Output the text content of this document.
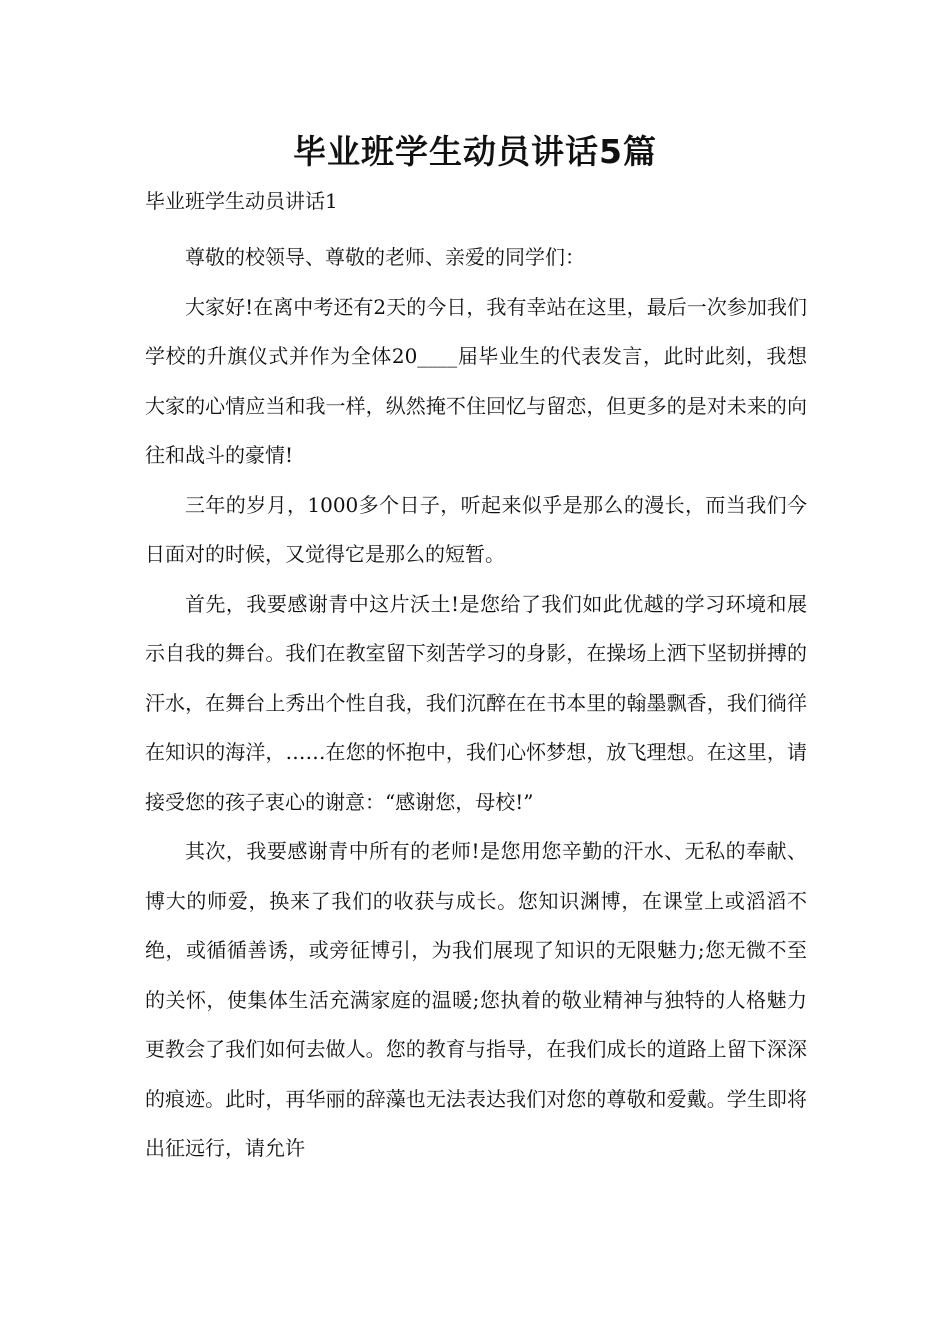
毕业班学生动员讲话5篇
毕业班学生动员讲话1

尊敬的校领导、尊敬的老师、亲爱的同学们：

大家好!在离中考还有2天的今日，我有幸站在这里，最后一次参加我们学校的升旗仪式并作为全体20____届毕业生的代表发言，此时此刻，我想大家的心情应当和我一样，纵然掩不住回忆与留恋，但更多的是对未来的向往和战斗的豪情!

三年的岁月，1000多个日子，听起来似乎是那么的漫长，而当我们今日面对的时候，又觉得它是那么的短暂。

首先，我要感谢青中这片沃土!是您给了我们如此优越的学习环境和展示自我的舞台。我们在教室留下刻苦学习的身影，在操场上洒下坚韧拼搏的汗水，在舞台上秀出个性自我，我们沉醉在在书本里的翰墨飘香，我们徜徉在知识的海洋，……在您的怀抱中，我们心怀梦想，放飞理想。在这里，请接受您的孩子衷心的谢意：“感谢您，母校!”

其次，我要感谢青中所有的老师!是您用您辛勤的汗水、无私的奉献、博大的师爱，换来了我们的收获与成长。您知识渊博，在课堂上或滔滔不绝，或循循善诱，或旁征博引，为我们展现了知识的无限魅力;您无微不至的关怀，使集体生活充满家庭的温暖;您执着的敬业精神与独特的人格魅力更教会了我们如何去做人。您的教育与指导，在我们成长的道路上留下深深的痕迹。此时，再华丽的辞藻也无法表达我们对您的尊敬和爱戴。学生即将出征远行，请允许
